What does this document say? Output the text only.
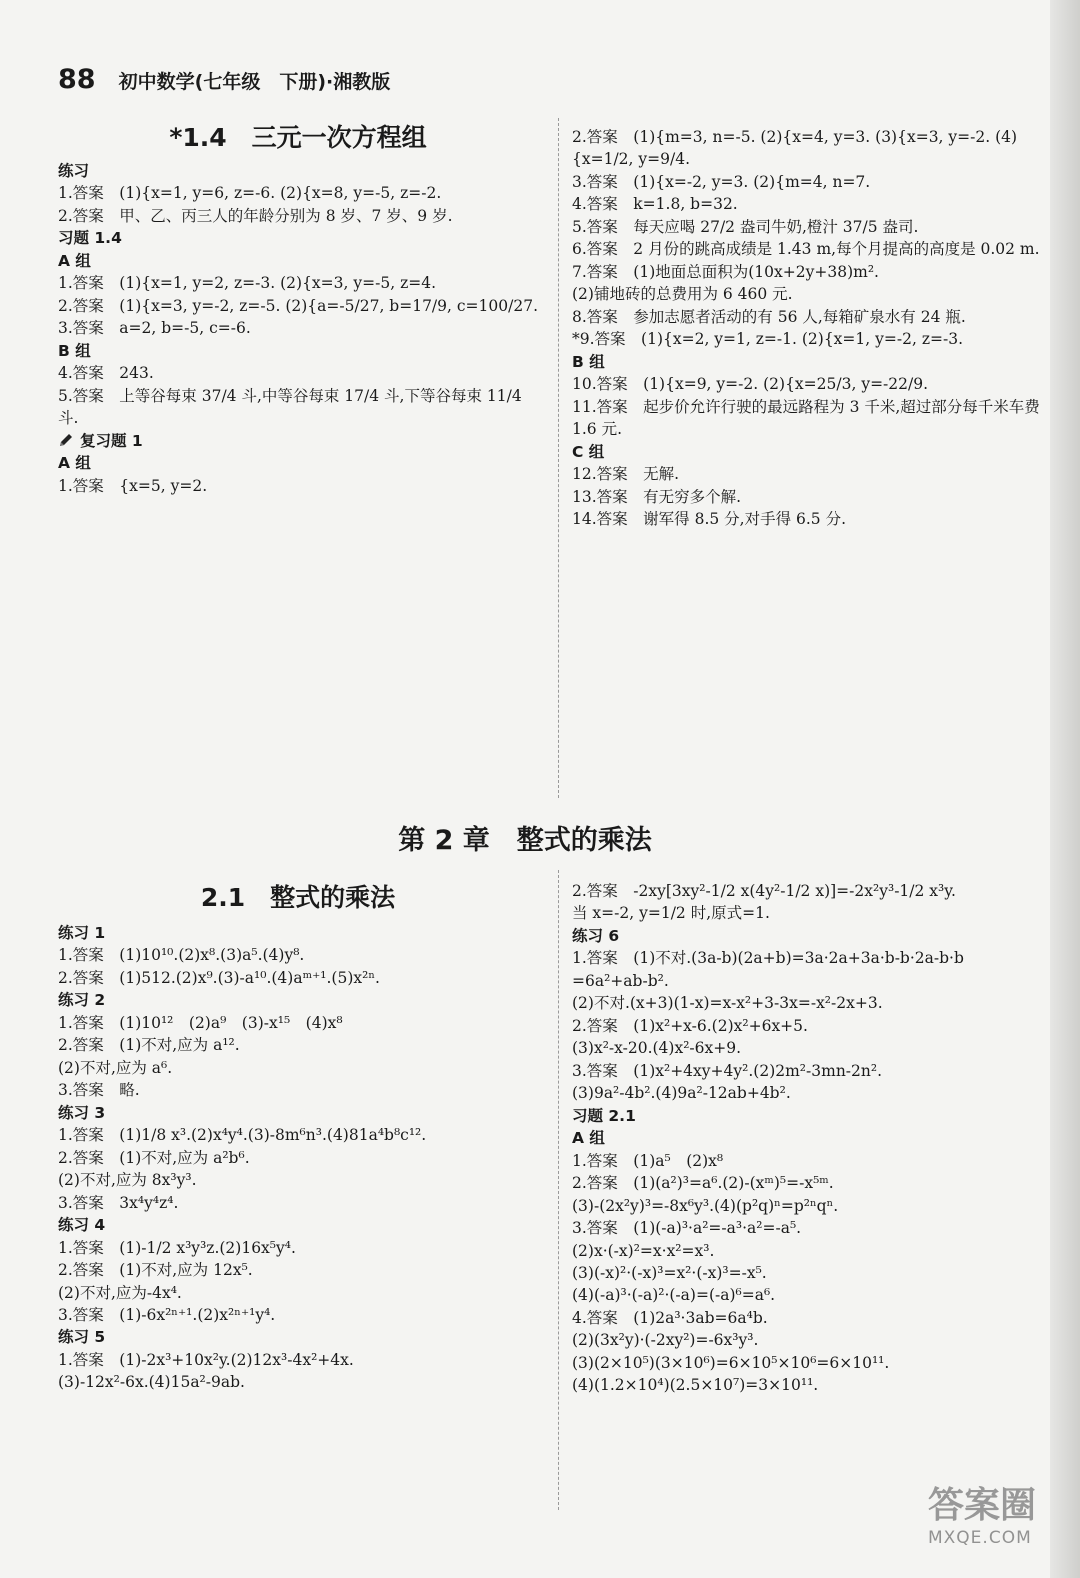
88 初中数学(七年级　下册)·湘教版
*1.4　三元一次方程组

练习

1.答案　(1){x=1, y=6, z=-6. (2){x=8, y=-5, z=-2.

2.答案　甲、乙、丙三人的年龄分别为 8 岁、7 岁、9 岁.

习题 1.4

A 组

1.答案　(1){x=1, y=2, z=-3. (2){x=3, y=-5, z=4.

2.答案　(1){x=3, y=-2, z=-5. (2){a=-5/27, b=17/9, c=100/27.

3.答案　a=2, b=-5, c=-6.

B 组

4.答案　243.

5.答案　上等谷每束 37/4 斗,中等谷每束 17/4 斗,下等谷每束 11/4 斗.

复习题 1

A 组

1.答案　{x=5, y=2.

2.答案　(1){m=3, n=-5. (2){x=4, y=3. (3){x=3, y=-2. (4){x=1/2, y=9/4.

3.答案　(1){x=-2, y=3. (2){m=4, n=7.

4.答案　k=1.8, b=32.

5.答案　每天应喝 27/2 盎司牛奶,橙汁 37/5 盎司.

6.答案　2 月份的跳高成绩是 1.43 m,每个月提高的高度是 0.02 m.

7.答案　(1)地面总面积为(10x+2y+38)m².

(2)铺地砖的总费用为 6 460 元.

8.答案　参加志愿者活动的有 56 人,每箱矿泉水有 24 瓶.

*9.答案　(1){x=2, y=1, z=-1. (2){x=1, y=-2, z=-3.

B 组

10.答案　(1){x=9, y=-2. (2){x=25/3, y=-22/9.

11.答案　起步价允许行驶的最远路程为 3 千米,超过部分每千米车费 1.6 元.

C 组

12.答案　无解.

13.答案　有无穷多个解.

14.答案　谢军得 8.5 分,对手得 6.5 分.

第 2 章　整式的乘法
2.1　整式的乘法

练习 1

1.答案　(1)10¹⁰.(2)x⁸.(3)a⁵.(4)y⁸.

2.答案　(1)512.(2)x⁹.(3)-a¹⁰.(4)aᵐ⁺¹.(5)x²ⁿ.

练习 2

1.答案　(1)10¹²　(2)a⁹　(3)-x¹⁵　(4)x⁸

2.答案　(1)不对,应为 a¹².

(2)不对,应为 a⁶.

3.答案　略.

练习 3

1.答案　(1)1/8 x³.(2)x⁴y⁴.(3)-8m⁶n³.(4)81a⁴b⁸c¹².

2.答案　(1)不对,应为 a²b⁶.

(2)不对,应为 8x³y³.

3.答案　3x⁴y⁴z⁴.

练习 4

1.答案　(1)-1/2 x³y³z.(2)16x⁵y⁴.

2.答案　(1)不对,应为 12x⁵.

(2)不对,应为-4x⁴.

3.答案　(1)-6x²ⁿ⁺¹.(2)x²ⁿ⁺¹y⁴.

练习 5

1.答案　(1)-2x³+10x²y.(2)12x³-4x²+4x.

(3)-12x²-6x.(4)15a²-9ab.

2.答案　-2xy[3xy²-1/2 x(4y²-1/2 x)]=-2x²y³-1/2 x³y.

当 x=-2, y=1/2 时,原式=1.

练习 6

1.答案　(1)不对.(3a-b)(2a+b)=3a·2a+3a·b-b·2a-b·b

=6a²+ab-b².

(2)不对.(x+3)(1-x)=x-x²+3-3x=-x²-2x+3.

2.答案　(1)x²+x-6.(2)x²+6x+5.

(3)x²-x-20.(4)x²-6x+9.

3.答案　(1)x²+4xy+4y².(2)2m²-3mn-2n².

(3)9a²-4b².(4)9a²-12ab+4b².

习题 2.1

A 组

1.答案　(1)a⁵　(2)x⁸

2.答案　(1)(a²)³=a⁶.(2)-(xᵐ)⁵=-x⁵ᵐ.

(3)-(2x²y)³=-8x⁶y³.(4)(p²q)ⁿ=p²ⁿqⁿ.

3.答案　(1)(-a)³·a²=-a³·a²=-a⁵.

(2)x·(-x)²=x·x²=x³.

(3)(-x)²·(-x)³=x²·(-x)³=-x⁵.

(4)(-a)³·(-a)²·(-a)=(-a)⁶=a⁶.

4.答案　(1)2a³·3ab=6a⁴b.

(2)(3x²y)·(-2xy²)=-6x³y³.

(3)(2×10⁵)(3×10⁶)=6×10⁵×10⁶=6×10¹¹.

(4)(1.2×10⁴)(2.5×10⁷)=3×10¹¹.

答案圈
MXQE.COM
